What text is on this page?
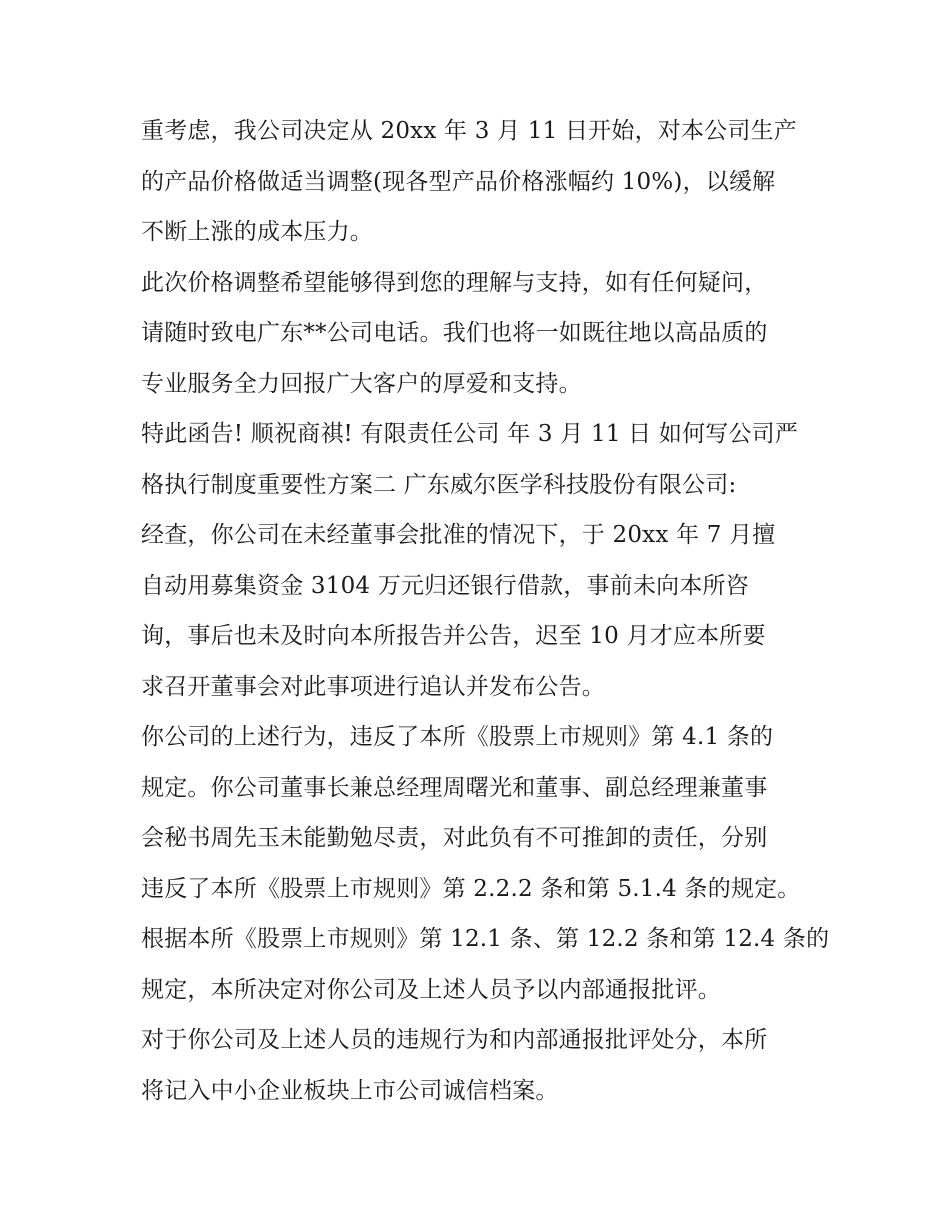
重考虑，我公司决定从 20xx 年 3 月 11 日开始，对本公司生产
的产品价格做适当调整(现各型产品价格涨幅约 10%)，以缓解
不断上涨的成本压力。
此次价格调整希望能够得到您的理解与支持，如有任何疑问，
请随时致电广东**公司电话。我们也将一如既往地以高品质的
专业服务全力回报广大客户的厚爱和支持。
特此函告! 顺祝商祺! 有限责任公司 年 3 月 11 日 如何写公司严
格执行制度重要性方案二 广东威尔医学科技股份有限公司:
经查，你公司在未经董事会批准的情况下，于 20xx 年 7 月擅
自动用募集资金 3104 万元归还银行借款，事前未向本所咨
询，事后也未及时向本所报告并公告，迟至 10 月才应本所要
求召开董事会对此事项进行追认并发布公告。
你公司的上述行为，违反了本所《股票上市规则》第 4.1 条的
规定。你公司董事长兼总经理周曙光和董事、副总经理兼董事
会秘书周先玉未能勤勉尽责，对此负有不可推卸的责任，分别
违反了本所《股票上市规则》第 2.2.2 条和第 5.1.4 条的规定。
根据本所《股票上市规则》第 12.1 条、第 12.2 条和第 12.4 条的
规定，本所决定对你公司及上述人员予以内部通报批评。
对于你公司及上述人员的违规行为和内部通报批评处分，本所
将记入中小企业板块上市公司诚信档案。
